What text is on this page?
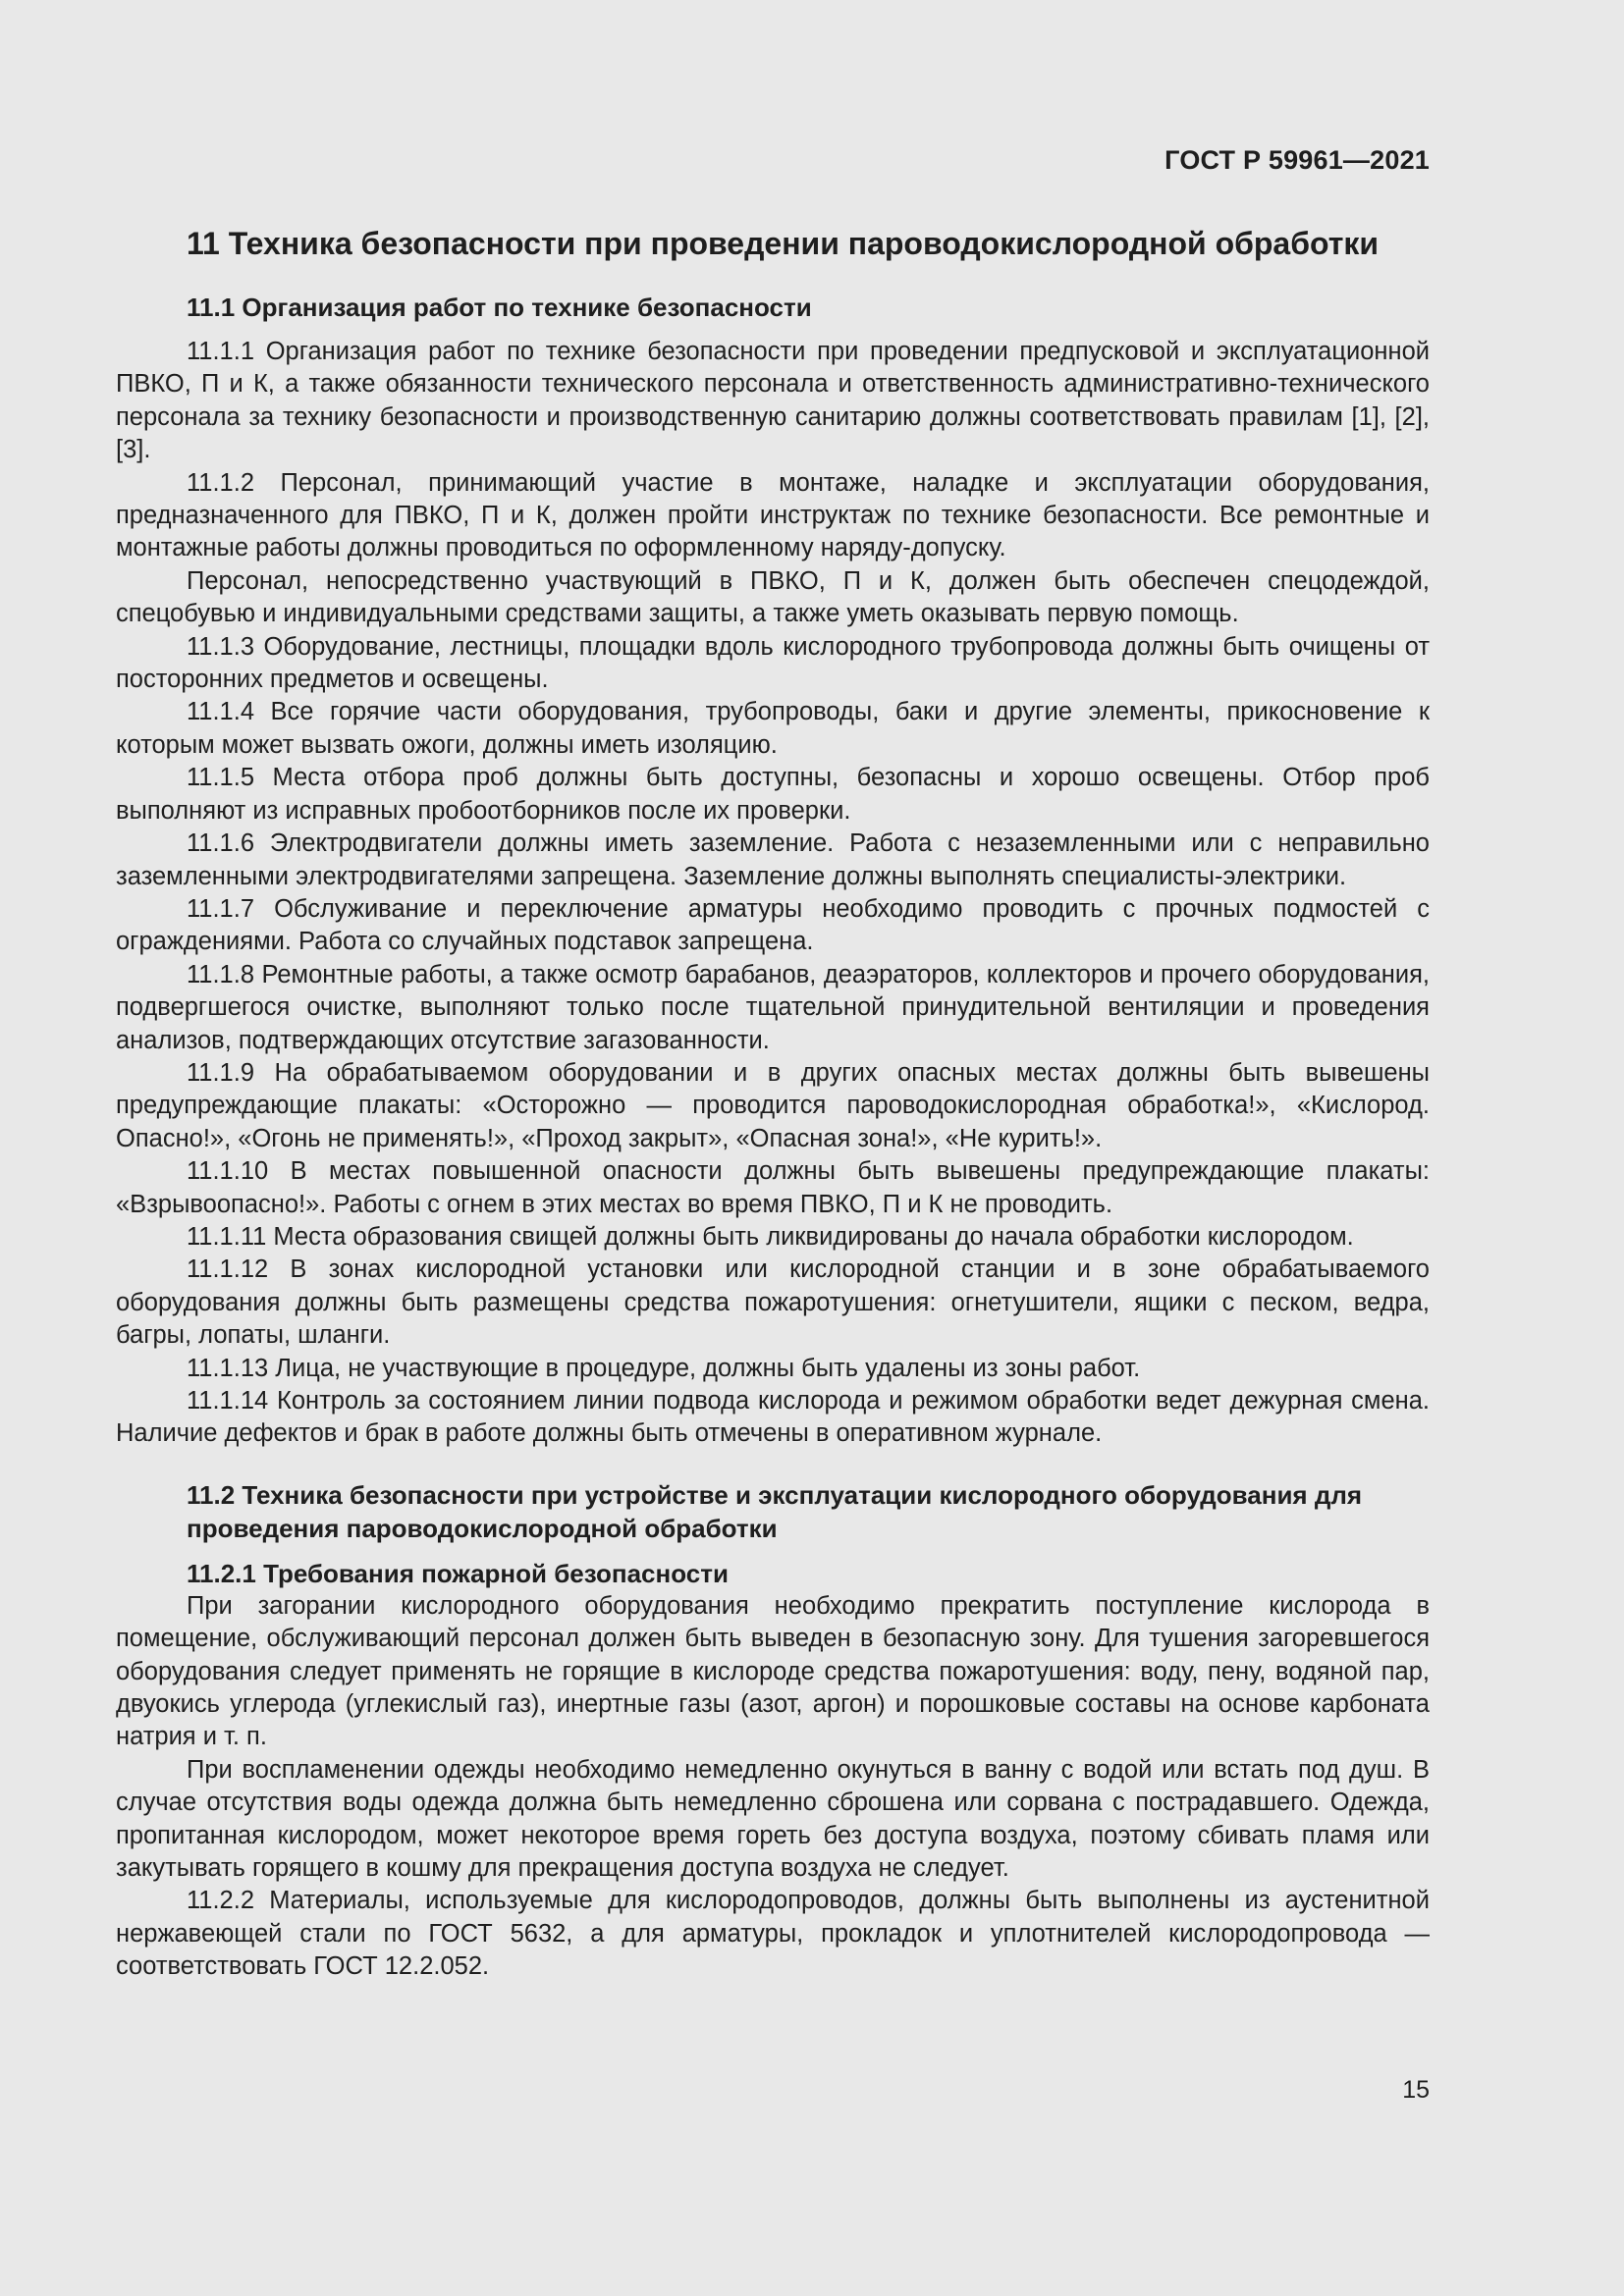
ГОСТ Р 59961—2021
11 Техника безопасности при проведении пароводокислородной обработки
11.1 Организация работ по технике безопасности

11.1.1 Организация работ по технике безопасности при проведении предпусковой и эксплуатационной ПВКО, П и К, а также обязанности технического персонала и ответственность административно-технического персонала за технику безопасности и производственную санитарию должны соответствовать правилам [1], [2], [3].

11.1.2 Персонал, принимающий участие в монтаже, наладке и эксплуатации оборудования, предназначенного для ПВКО, П и К, должен пройти инструктаж по технике безопасности. Все ремонтные и монтажные работы должны проводиться по оформленному наряду-допуску.

Персонал, непосредственно участвующий в ПВКО, П и К, должен быть обеспечен спецодеждой, спецобувью и индивидуальными средствами защиты, а также уметь оказывать первую помощь.

11.1.3 Оборудование, лестницы, площадки вдоль кислородного трубопровода должны быть очищены от посторонних предметов и освещены.

11.1.4 Все горячие части оборудования, трубопроводы, баки и другие элементы, прикосновение к которым может вызвать ожоги, должны иметь изоляцию.

11.1.5 Места отбора проб должны быть доступны, безопасны и хорошо освещены. Отбор проб выполняют из исправных пробоотборников после их проверки.

11.1.6 Электродвигатели должны иметь заземление. Работа с незаземленными или с неправильно заземленными электродвигателями запрещена. Заземление должны выполнять специалисты-электрики.

11.1.7 Обслуживание и переключение арматуры необходимо проводить с прочных подмостей с ограждениями. Работа со случайных подставок запрещена.

11.1.8 Ремонтные работы, а также осмотр барабанов, деаэраторов, коллекторов и прочего оборудования, подвергшегося очистке, выполняют только после тщательной принудительной вентиляции и проведения анализов, подтверждающих отсутствие загазованности.

11.1.9 На обрабатываемом оборудовании и в других опасных местах должны быть вывешены предупреждающие плакаты: «Осторожно — проводится пароводокислородная обработка!», «Кислород. Опасно!», «Огонь не применять!», «Проход закрыт», «Опасная зона!», «Не курить!».

11.1.10 В местах повышенной опасности должны быть вывешены предупреждающие плакаты: «Взрывоопасно!». Работы с огнем в этих местах во время ПВКО, П и К не проводить.

11.1.11 Места образования свищей должны быть ликвидированы до начала обработки кислородом.

11.1.12 В зонах кислородной установки или кислородной станции и в зоне обрабатываемого оборудования должны быть размещены средства пожаротушения: огнетушители, ящики с песком, ведра, багры, лопаты, шланги.

11.1.13 Лица, не участвующие в процедуре, должны быть удалены из зоны работ.

11.1.14 Контроль за состоянием линии подвода кислорода и режимом обработки ведет дежурная смена. Наличие дефектов и брак в работе должны быть отмечены в оперативном журнале.

11.2 Техника безопасности при устройстве и эксплуатации кислородного оборудования для проведения пароводокислородной обработки
11.2.1 Требования пожарной безопасности

При загорании кислородного оборудования необходимо прекратить поступление кислорода в помещение, обслуживающий персонал должен быть выведен в безопасную зону. Для тушения загоревшегося оборудования следует применять не горящие в кислороде средства пожаротушения: воду, пену, водяной пар, двуокись углерода (углекислый газ), инертные газы (азот, аргон) и порошковые составы на основе карбоната натрия и т. п.

При воспламенении одежды необходимо немедленно окунуться в ванну с водой или встать под душ. В случае отсутствия воды одежда должна быть немедленно сброшена или сорвана с пострадавшего. Одежда, пропитанная кислородом, может некоторое время гореть без доступа воздуха, поэтому сбивать пламя или закутывать горящего в кошму для прекращения доступа воздуха не следует.

11.2.2 Материалы, используемые для кислородопроводов, должны быть выполнены из аустенитной нержавеющей стали по ГОСТ 5632, а для арматуры, прокладок и уплотнителей кислородопровода — соответствовать ГОСТ 12.2.052.

15
